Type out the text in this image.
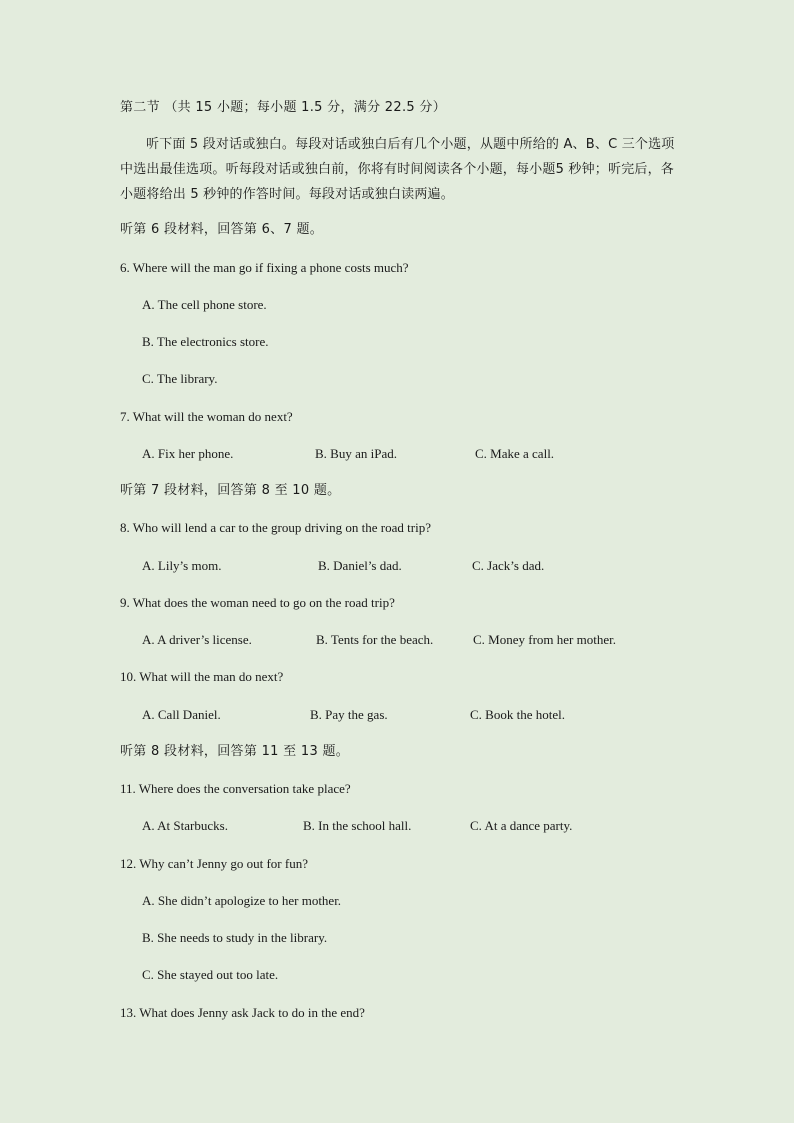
第二节 （共 15 小题；每小题 1.5 分，满分 22.5 分）
听下面 5 段对话或独白。每段对话或独白后有几个小题，从题中所给的 A、B、C 三个选项中选出最佳选项。听每段对话或独白前，你将有时间阅读各个小题，每小题5 秒钟；听完后，各 小题将给出 5 秒钟的作答时间。每段对话或独白读两遍。
听第 6 段材料，回答第 6、7 题。
6. Where will the man go if fixing a phone costs much?
A. The cell phone store.
B. The electronics store.
C. The library.
7. What will the woman do next?
A. Fix her phone.	B. Buy an iPad.	C. Make a call.
听第 7 段材料，回答第 8 至 10 题。
8. Who will lend a car to the group driving on the road trip?
A. Lily’s mom.	B. Daniel’s dad.	C. Jack’s dad.
9. What does the woman need to go on the road trip?
A. A driver’s license.	B. Tents for the beach.	C. Money from her mother.
10. What will the man do next?
A. Call Daniel.	B. Pay the gas.	C. Book the hotel.
听第 8 段材料，回答第 11 至 13 题。
11. Where does the conversation take place?
A. At Starbucks.	B. In the school hall.	C. At a dance party.
12. Why can’t Jenny go out for fun?
A. She didn’t apologize to her mother.
B. She needs to study in the library.
C. She stayed out too late.
13. What does Jenny ask Jack to do in the end?
